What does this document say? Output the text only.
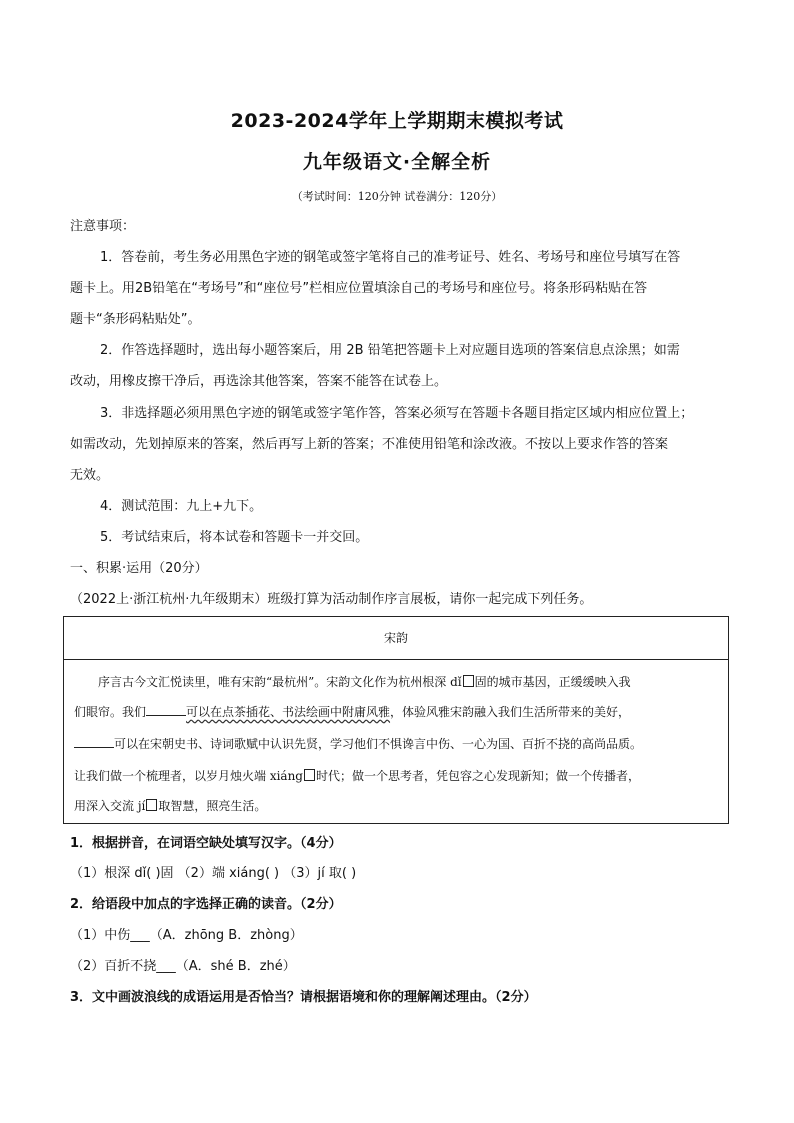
2023-2024学年上学期期末模拟考试
九年级语文·全解全析
（考试时间：120分钟 试卷满分：120分）
注意事项：
1．答卷前，考生务必用黑色字迹的钢笔或签字笔将自己的准考证号、姓名、考场号和座位号填写在答
题卡上。用2B铅笔在“考场号”和“座位号”栏相应位置填涂自己的考场号和座位号。将条形码粘贴在答
题卡“条形码粘贴处”。
2．作答选择题时，选出每小题答案后，用 2B 铅笔把答题卡上对应题目选项的答案信息点涂黑；如需
改动，用橡皮擦干净后，再选涂其他答案，答案不能答在试卷上。
3．非选择题必须用黑色字迹的钢笔或签字笔作答，答案必须写在答题卡各题目指定区域内相应位置上；
如需改动，先划掉原来的答案，然后再写上新的答案；不准使用铅笔和涂改液。不按以上要求作答的答案
无效。
4．测试范围：九上+九下。
5．考试结束后，将本试卷和答题卡一并交回。
一、积累·运用（20分）
（2022上·浙江杭州·九年级期末）班级打算为活动制作序言展板，请你一起完成下列任务。
宋韵
序言古今文汇悦读里，唯有宋韵“最杭州”。宋韵文化作为杭州根深 dǐ 固的城市基因，正缓缓映入我
们眼帘。我们	可以在点茶插花、书法绘画中附庸风雅，体验风雅宋韵融入我们生活所带来的美好，
可以在宋朝史书、诗词歌赋中认识先贤，学习他们不惧谗言中伤、一心为国、百折不挠的高尚品质。
让我们做一个梳理者，以岁月烛火端 xiáng 时代；做一个思考者，凭包容之心发现新知；做一个传播者，
用深入交流 jí 取智慧，照亮生活。
1．根据拼音，在词语空缺处填写汉字。（4分）
（1）根深 dǐ( )固 （2）端 xiáng( ) （3）jí 取( )
2．给语段中加点的字选择正确的读音。（2分）
（1）中伤___（A．zhōng B．zhòng）
（2）百折不挠___（A．shé B．zhé）
3．文中画波浪线的成语运用是否恰当？请根据语境和你的理解阐述理由。（2分）
